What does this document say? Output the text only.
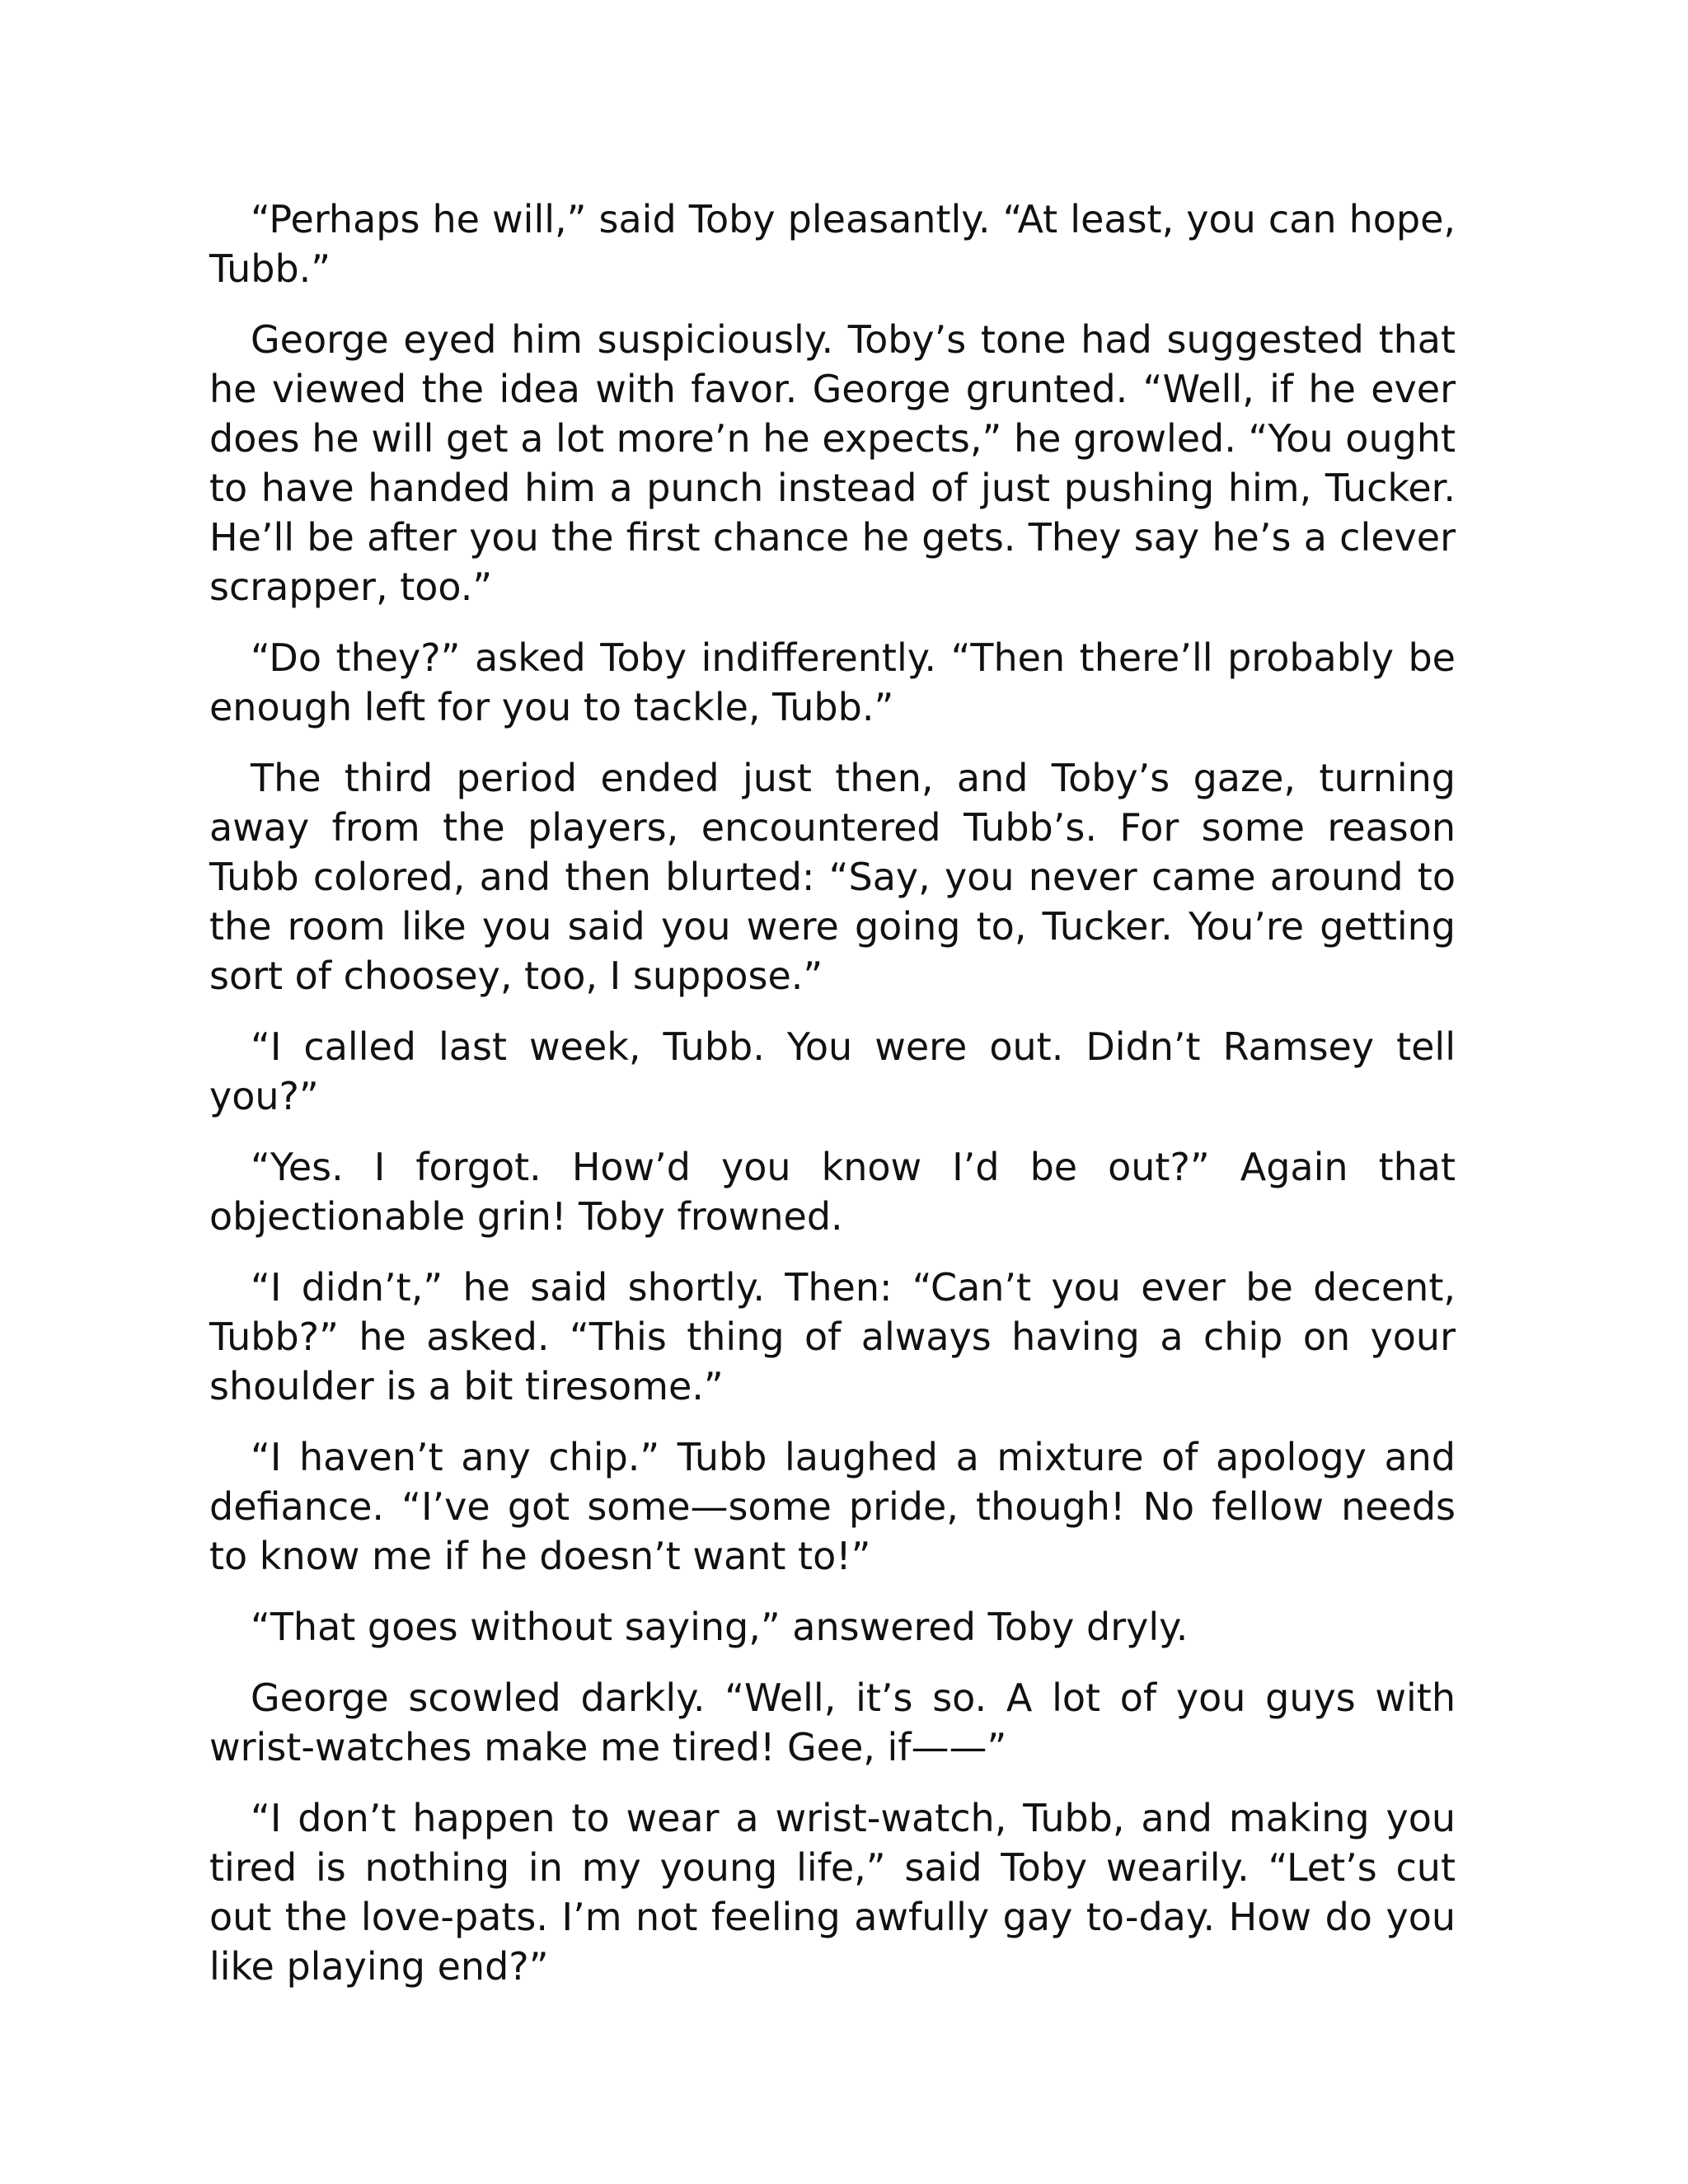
“Perhaps he will,” said Toby pleasantly. “At least, you can hope, Tubb.”

George eyed him suspiciously. Toby’s tone had suggested that he viewed the idea with favor. George grunted. “Well, if he ever does he will get a lot more’n he expects,” he growled. “You ought to have handed him a punch instead of just pushing him, Tucker. He’ll be after you the first chance he gets. They say he’s a clever scrapper, too.”

“Do they?” asked Toby indifferently. “Then there’ll probably be enough left for you to tackle, Tubb.”

The third period ended just then, and Toby’s gaze, turning away from the players, encountered Tubb’s. For some reason Tubb colored, and then blurted: “Say, you never came around to the room like you said you were going to, Tucker. You’re getting sort of choosey, too, I suppose.”

“I called last week, Tubb. You were out. Didn’t Ramsey tell you?”

“Yes. I forgot. How’d you know I’d be out?” Again that objectionable grin! Toby frowned.

“I didn’t,” he said shortly. Then: “Can’t you ever be decent, Tubb?” he asked. “This thing of always having a chip on your shoulder is a bit tiresome.”

“I haven’t any chip.” Tubb laughed a mixture of apology and defiance. “I’ve got some—some pride, though! No fellow needs to know me if he doesn’t want to!”

“That goes without saying,” answered Toby dryly.

George scowled darkly. “Well, it’s so. A lot of you guys with wrist-watches make me tired! Gee, if——”

“I don’t happen to wear a wrist-watch, Tubb, and making you tired is nothing in my young life,” said Toby wearily. “Let’s cut out the love-pats. I’m not feeling awfully gay to-day. How do you like playing end?”
